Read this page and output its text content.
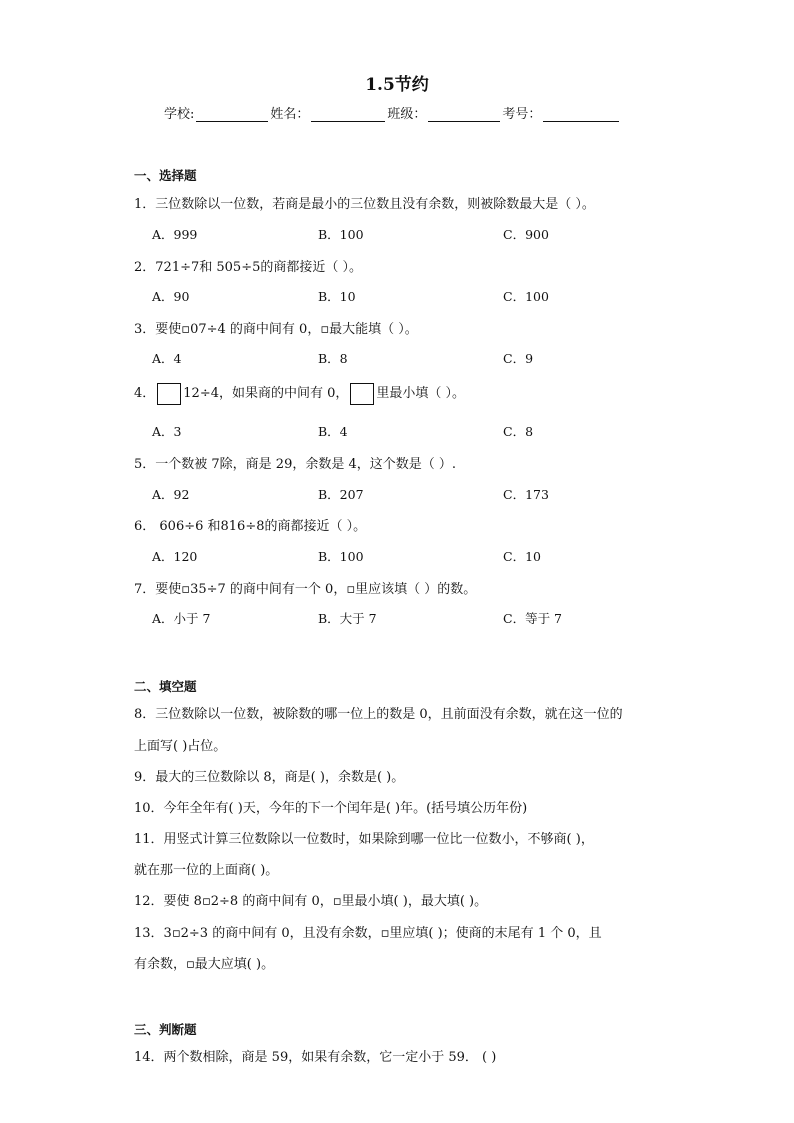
1.5节约
学校:	姓名：	班级：	考号：
一、选择题
1．三位数除以一位数，若商是最小的三位数且没有余数，则被除数最大是（ ）。
A．999	B．100	C．900
2．721÷7和 505÷5的商都接近（ ）。
A．90	B．10	C．100
3．要使▫07÷4 的商中间有 0，▫最大能填（ ）。
A．4	B．8	C．9
4． 12÷4，如果商的中间有 0， 里最小填（ ）。
A．3	B．4	C．8
5．一个数被 7除，商是 29，余数是 4，这个数是（ ）.
A．92	B．207	C．173
6． 606÷6 和816÷8的商都接近（ ）。
A．120	B．100	C．10
7．要使▫35÷7 的商中间有一个 0，▫里应该填（ ）的数。
A．小于 7	B．大于 7	C．等于 7
二、填空题
8．三位数除以一位数，被除数的哪一位上的数是 0，且前面没有余数，就在这一位的
上面写( )占位。
9．最大的三位数除以 8，商是( )，余数是( )。
10．今年全年有( )天，今年的下一个闰年是( )年。(括号填公历年份)
11．用竖式计算三位数除以一位数时，如果除到哪一位比一位数小，不够商( )，
就在那一位的上面商( )。
12．要使 8▫2÷8 的商中间有 0，▫里最小填( )，最大填( )。
13．3▫2÷3 的商中间有 0，且没有余数，▫里应填( )；使商的末尾有 1 个 0，且
有余数，▫最大应填( )。
三、判断题
14．两个数相除，商是 59，如果有余数，它一定小于 59． ( )
